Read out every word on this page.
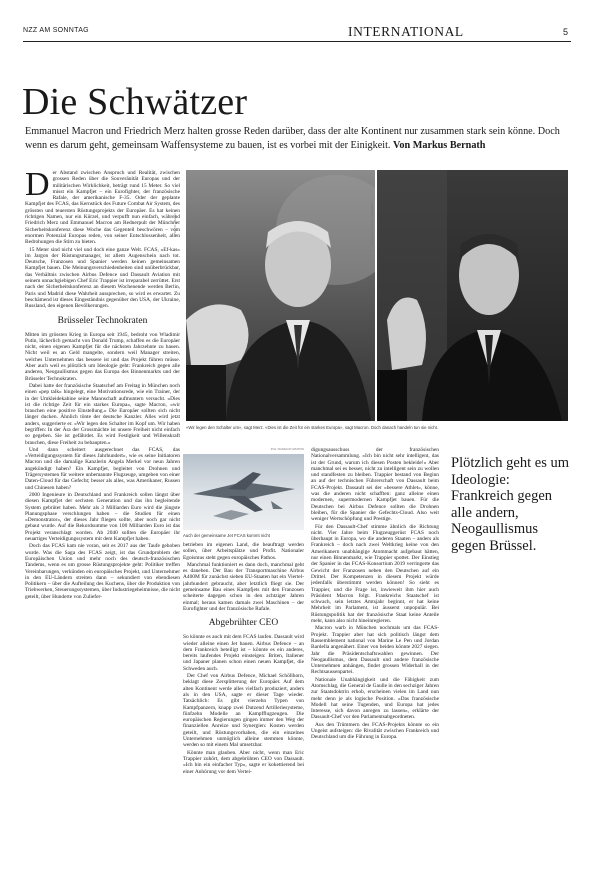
NZZ AM SONNTAG	INTERNATIONAL	5
Die Schwätzer
Emmanuel Macron und Friedrich Merz halten grosse Reden darüber, dass der alte Kontinent nur zusammen stark sein könne. Doch wenn es darum geht, gemeinsam Waffensysteme zu bauen, ist es vorbei mit der Einigkeit. Von Markus Bernath

Der Abstand zwischen Anspruch und Realität, zwischen grossen Reden über die Souveränität Europas und der militärischen Wirklichkeit, beträgt rund 15 Meter. So viel misst ein Kampfjet – ein Eurofighter, der französische Rafale, der amerikanische F-35. Oder der geplante Kampfjet des FCAS, das Kernstück des Future Combat Air System, des grössten und teuersten Rüstungsprojekts der Europäer. Es hat keinen richtigen Namen, nur ein Kürzel, und verpufft nun einfach, während Friedrich Merz und Emmanuel Macron am Rednerpult der Münchner Sicherheitskonferenz diese Woche das Gegenteil beschwören – vom enormen Potenzial Europas reden, von seiner Entschlossenheit, allen Bedrohungen die Stirn zu bieten.

15 Meter sind nicht viel und doch eine ganze Welt. FCAS, «Ef-kas» im Jargon der Rüstungsmanager, ist allem Augenschein nach tot. Deutsche, Franzosen und Spanier werden keinen gemeinsamen Kampfjet bauen. Die Meinungsverschiedenheiten sind unüberbrückbar, das Verhältnis zwischen Airbus Defence und Dassault Aviation mit seinem unnachgiebigen Chef Eric Trappier ist irreparabel zerrüttet. Erst nach der Sicherheitskonferenz an diesem Wochenende werden Berlin, Paris und Madrid diese Wahrheit aussprechen, so wird es erwartet. Zu beschämend ist dieses Eingeständnis gegenüber den USA, der Ukraine, Russland, den eigenen Bevölkerungen.

Brüsseler Technokraten

Mitten im grössten Krieg in Europa seit 1945, bedroht von Wladimir Putin, lächerlich gemacht von Donald Trump, schaffen es die Europäer nicht, einen eigenen Kampfjet für die nächsten Jahrzehnte zu bauen. Nicht weil es an Geld mangelte, sondern weil Manager streiten, welches Unternehmen das bessere ist und das Projekt führen müsse. Aber auch weil es plötzlich um Ideologie geht: Frankreich gegen alle anderen, Neogaullismus gegen das Europa des Binnenmarkts und der Brüsseler Technokraten.

Dabei hatte der französische Staatschef am Freitag in München noch einen «pep talk» hingelegt, eine Motivationsrede, wie ein Trainer, der in der Umkleidekabine seine Mannschaft aufmuntern versucht. «Dies ist die richtige Zeit für ein starkes Europa», sagte Macron, «wir brauchen eine positive Einstellung.» Die Europäer sollten sich nicht länger ducken. Ähnlich tönte der deutsche Kanzler. Alles wird jetzt anders, suggerierte er. «Wir legen den Schalter im Kopf um. Wir haben begriffen: In der Ära der Grossmächte ist unsere Freiheit nicht einfach so gegeben. Sie ist gefährdet. Es wird Festigkeit und Willenskraft brauchen, diese Freiheit zu behaupten.»

Und dann scheitert ausgerechnet das FCAS, das «Verteidigungssystem für dieses Jahrhundert», wie es seine Initiatoren Macron und die damalige Kanzlerin Angela Merkel vor neun Jahren angekündigt haben? Ein Kampfjet, begleitet von Drohnen und Trägersystemen für weitere unbemannte Flugzeuge, umgeben von einer Daten-Cloud für das Gefecht; besser als alles, was Amerikaner, Russen und Chinesen haben?

2000 Ingenieure in Deutschland und Frankreich sollen längst über diesen Kampfjet der sechsten Generation und das ihn begleitende System gebrütet haben. Mehr als 3 Milliarden Euro wird die jüngste Planungsphase verschlungen haben – die Studien für einen «Demonstrator», der dieses Jahr fliegen sollte, aber noch gar nicht gebaut wurde. Auf die Rekordsumme von 100 Milliarden Euro ist das Projekt veranschlagt worden. Ab 2040 sollten die Europäer ihr neuartiges Verteidigungssystem mit dem Kampfjet haben.

Doch das FCAS kam nie voran, seit es 2017 aus der Taufe gehoben wurde. Was die Saga des FCAS zeigt, ist das Grundproblem der Europäischen Union und mehr noch des deutsch-französischen Tandems, wenn es um grosse Rüstungsprojekte geht: Politiker treffen Vereinbarungen, verkünden ein europäisches Projekt, und Unternehmer in den EU-Ländern streiten dann – sekundiert von ebendiesen Politikern – über die Aufteilung des Kuchens, über die Produktion von Triebwerken, Steuerungssystemen, über Industriegeheimnisse, die nicht geteilt, über Hunderte von Zuliefer-

PHOTO: IMAGO	MICHAEL DALDER / REUTERS
«Wir legen den Schalter um», sagt Merz. «Dies ist die Zeit für ein starkes Europa», sagt Macron. Doch danach handeln tun sie nicht.
ZVG / DASSAULT AVIATION
Auch der gemeinsame Jet FCAS kommt nicht

betrieben im eigenen Land, die beauftragt werden sollen, über Arbeitsplätze und Profit. Nationaler Egoismus steht gegen europäisches Pathos.

Manchmal funktioniert es dann doch, manchmal geht es daneben. Der Bau der Transportmaschine Airbus A400M für zunächst sieben EU-Staaten hat ein Vierteljahrhundert gebraucht, aber letztlich fliegt sie. Der gemeinsame Bau eines Kampfjets mit den Franzosen scheiterte dagegen schon in den achtziger Jahren einmal; heraus kamen damals zwei Maschinen – der Eurofighter und der französische Rafale.

Abgebrühter CEO

So könnte es auch mit dem FCAS laufen. Dassault wird wieder alleine einen Jet bauen. Airbus Defence – an dem Frankreich beteiligt ist – könnte es ein anderes, bereits laufendes Projekt einsteigen: Briten, Italiener und Japaner planen schon einen neuen Kampfjet, die Schweden auch.

Der Chef von Airbus Defence, Michael Schöllhorn, beklagt diese Zersplitterung der Europäer. Auf dem alten Kontinent werde alles vielfach produziert, anders als in den USA, sagte er dieser Tage wieder. Tatsächlich: Es gibt vierzehn Typen von Kampfpanzern, knapp zwei Dutzend Artilleriesysteme, fünfzehn Modelle an Kampfflugzeugen. Die europäischen Regierungen gingen immer den Weg der finanziellen Anreize und Synergien: Kosten werden geteilt, und Rüstungsvorhaben, die ein einzelnes Unternehmen unmöglich alleine stemmen könnte, werden so mit einem Mal umsetzbar.

Könnte man glauben. Aber nicht, wenn man Eric Trappier zuhört, dem abgebrühten CEO von Dassault. «Ich bin ein einfacher Typ», sagte er kokettierend bei einer Anhörung vor dem Vertei-

digungsausschuss der französischen Nationalversammlung. «Ich bin nicht sehr intelligent, das ist der Grund, warum ich diesen Posten bekleide!» Aber manchmal sei es besser, nicht zu intelligent sein zu wollen und standfesten zu bleiben. Trappier bestand von Beginn an auf der technischen Führerschaft von Dassault beim FCAS-Projekt. Dassault sei der «bessere Athlet», könne, was die anderen nicht schafften: ganz alleine einen modernen, supermodernen Kampfjet bauen. Für die Deutschen bei Airbus Defence sollten die Drohnen bleiben, für die Spanier die Gefechts-Cloud. Also weit weniger Wertschöpfung und Prestige.

Für den Dassault-Chef stimme ähnlich die Richtung nicht. Vier Jahre beim Flugzeuggerüst FCAS noch überhaupt in Europa, wo die anderen Staaten – anders als Frankreich – doch nach zwei Weltkrieg keine von den Amerikanern unabhängige Atommacht aufgebaut hätten, nur einen Binnenmarkt, wie Trappier spottet. Der Einstieg der Spanier in das FCAS-Konsortium 2019 verringerte das Gewicht der Franzosen neben den Deutschen auf ein Drittel. Der Kompetenzen in diesem Projekt würde jedenfalls überstimmt werden können! So sieht es Trappier, und die Frage ist, inwieweit ihm hier auch Präsident Macron folgt. Frankreichs Staatschef ist schwach, sein letztes Amtsjahr beginnt, er hat keine Mehrheit im Parlament, ist äusserst unpopulär. Bei Rüstungspolitik hat der französische Staat keine Anteile mehr, kann also nicht hineinregieren.

Macron warb in München nochmals um das FCAS-Projekt. Trappier aber hat sich politisch längst dem Rassemblement national von Marine Le Pen und Jordan Bardella angenähert. Einer von beiden könnte 2027 siegen. Jahr die Präsidentschaftswahlen gewinnen. Der Neogaullismus, dem Dassault und andere französische Unternehmen anhängen, findet grossen Widerhall in der Rechtsaussenpartei.

Nationale Unabhängigkeit und die Fähigkeit zum Atomschlag, die General de Gaulle in den sechziger Jahren zur Staatsdoktrin erhob, erscheinen vielen im Land nun mehr denn je als logische Position. «Das französische Modell hat seine Tugenden, und Europa hat jedes Interesse, sich davon anregen zu lassen», erklärte der Dassault-Chef vor den Parlamentsabgeordneten.

Aus den Trümmern des FCAS-Projekts könnte so ein Ungeist aufsteigen: die Rivalität zwischen Frankreich und Deutschland um die Führung in Europa.

Plötzlich geht es um Ideologie: Frankreich gegen alle andern, Neogaullismus gegen Brüssel.
